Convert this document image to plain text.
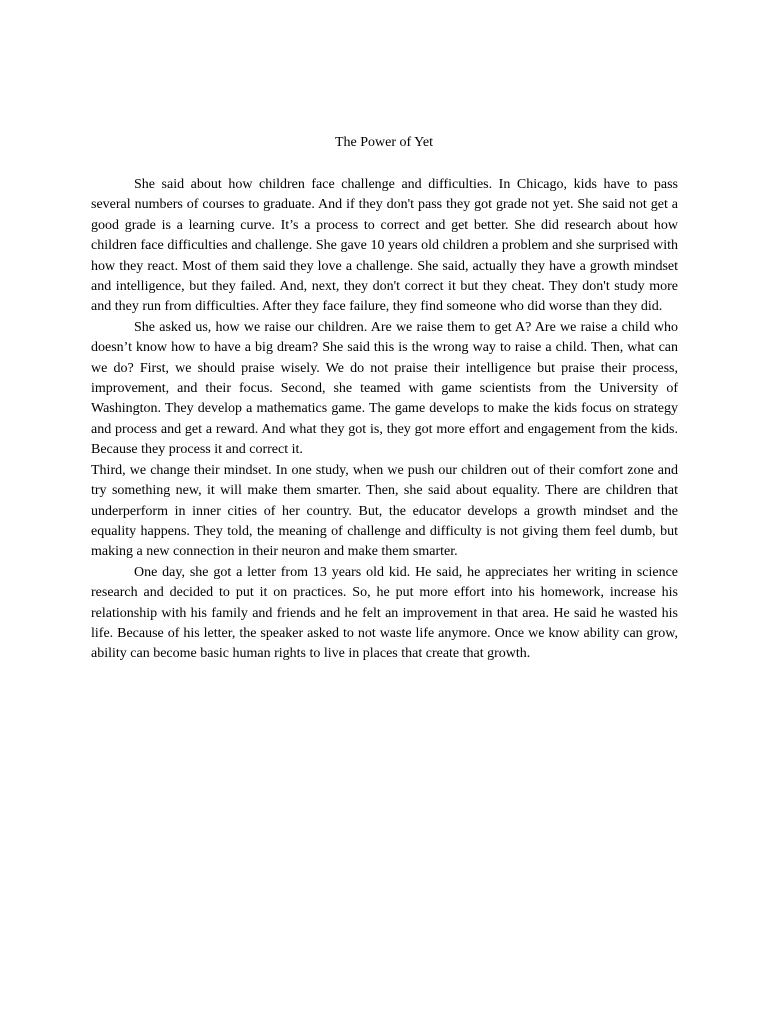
The Power of Yet

She said about how children face challenge and difficulties. In Chicago, kids have to pass several numbers of courses to graduate. And if they don't pass they got grade not yet. She said not get a good grade is a learning curve. It’s a process to correct and get better. She did research about how children face difficulties and challenge. She gave 10 years old children a problem and she surprised with how they react. Most of them said they love a challenge. She said, actually they have a growth mindset and intelligence, but they failed. And, next, they don't correct it but they cheat. They don't study more and they run from difficulties. After they face failure, they find someone who did worse than they did.

She asked us, how we raise our children. Are we raise them to get A? Are we raise a child who doesn’t know how to have a big dream? She said this is the wrong way to raise a child. Then, what can we do? First, we should praise wisely. We do not praise their intelligence but praise their process, improvement, and their focus. Second, she teamed with game scientists from the University of Washington. They develop a mathematics game. The game develops to make the kids focus on strategy and process and get a reward. And what they got is, they got more effort and engagement from the kids. Because they process it and correct it.

Third, we change their mindset. In one study, when we push our children out of their comfort zone and try something new, it will make them smarter. Then, she said about equality. There are children that underperform in inner cities of her country. But, the educator develops a growth mindset and the equality happens. They told, the meaning of challenge and difficulty is not giving them feel dumb, but making a new connection in their neuron and make them smarter.

One day, she got a letter from 13 years old kid. He said, he appreciates her writing in science research and decided to put it on practices. So, he put more effort into his homework, increase his relationship with his family and friends and he felt an improvement in that area. He said he wasted his life. Because of his letter, the speaker asked to not waste life anymore. Once we know ability can grow, ability can become basic human rights to live in places that create that growth.
